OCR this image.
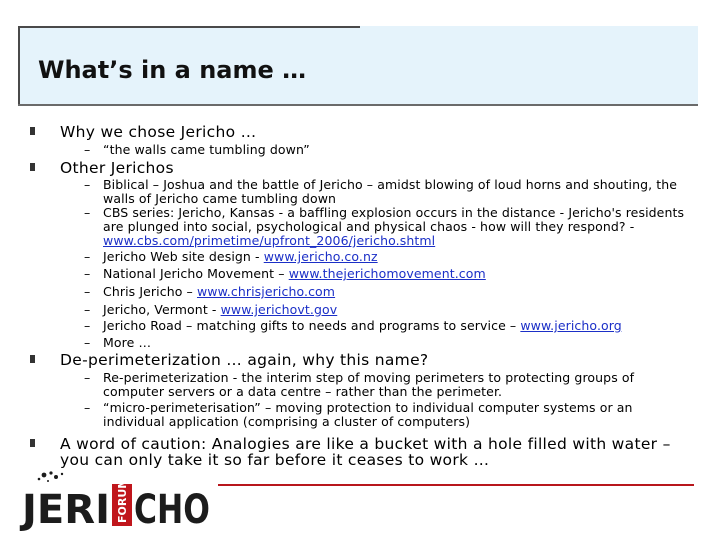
What’s in a name …
Why we chose Jericho …
– “the walls came tumbling down”
Other Jerichos
– Biblical – Joshua and the battle of Jericho – amidst blowing of loud horns and shouting, the walls of Jericho came tumbling down
– CBS series: Jericho, Kansas - a baffling explosion occurs in the distance - Jericho's residents are plunged into social, psychological and physical chaos - how will they respond? - www.cbs.com/primetime/upfront_2006/jericho.shtml
– Jericho Web site design - www.jericho.co.nz
– National Jericho Movement – www.thejerichomovement.com
– Chris Jericho – www.chrisjericho.com
– Jericho, Vermont - www.jerichovt.gov
– Jericho Road – matching gifts to needs and programs to service – www.jericho.org
– More …
De-perimeterization … again, why this name?
– Re-perimeterization - the interim step of moving perimeters to protecting groups of computer servers or a data centre – rather than the perimeter.
– “micro-perimeterisation” – moving protection to individual computer systems or an individual application (comprising a cluster of computers)
A word of caution: Analogies are like a bucket with a hole filled with water – you can only take it so far before it ceases to work …
JERI FORUM CHO
